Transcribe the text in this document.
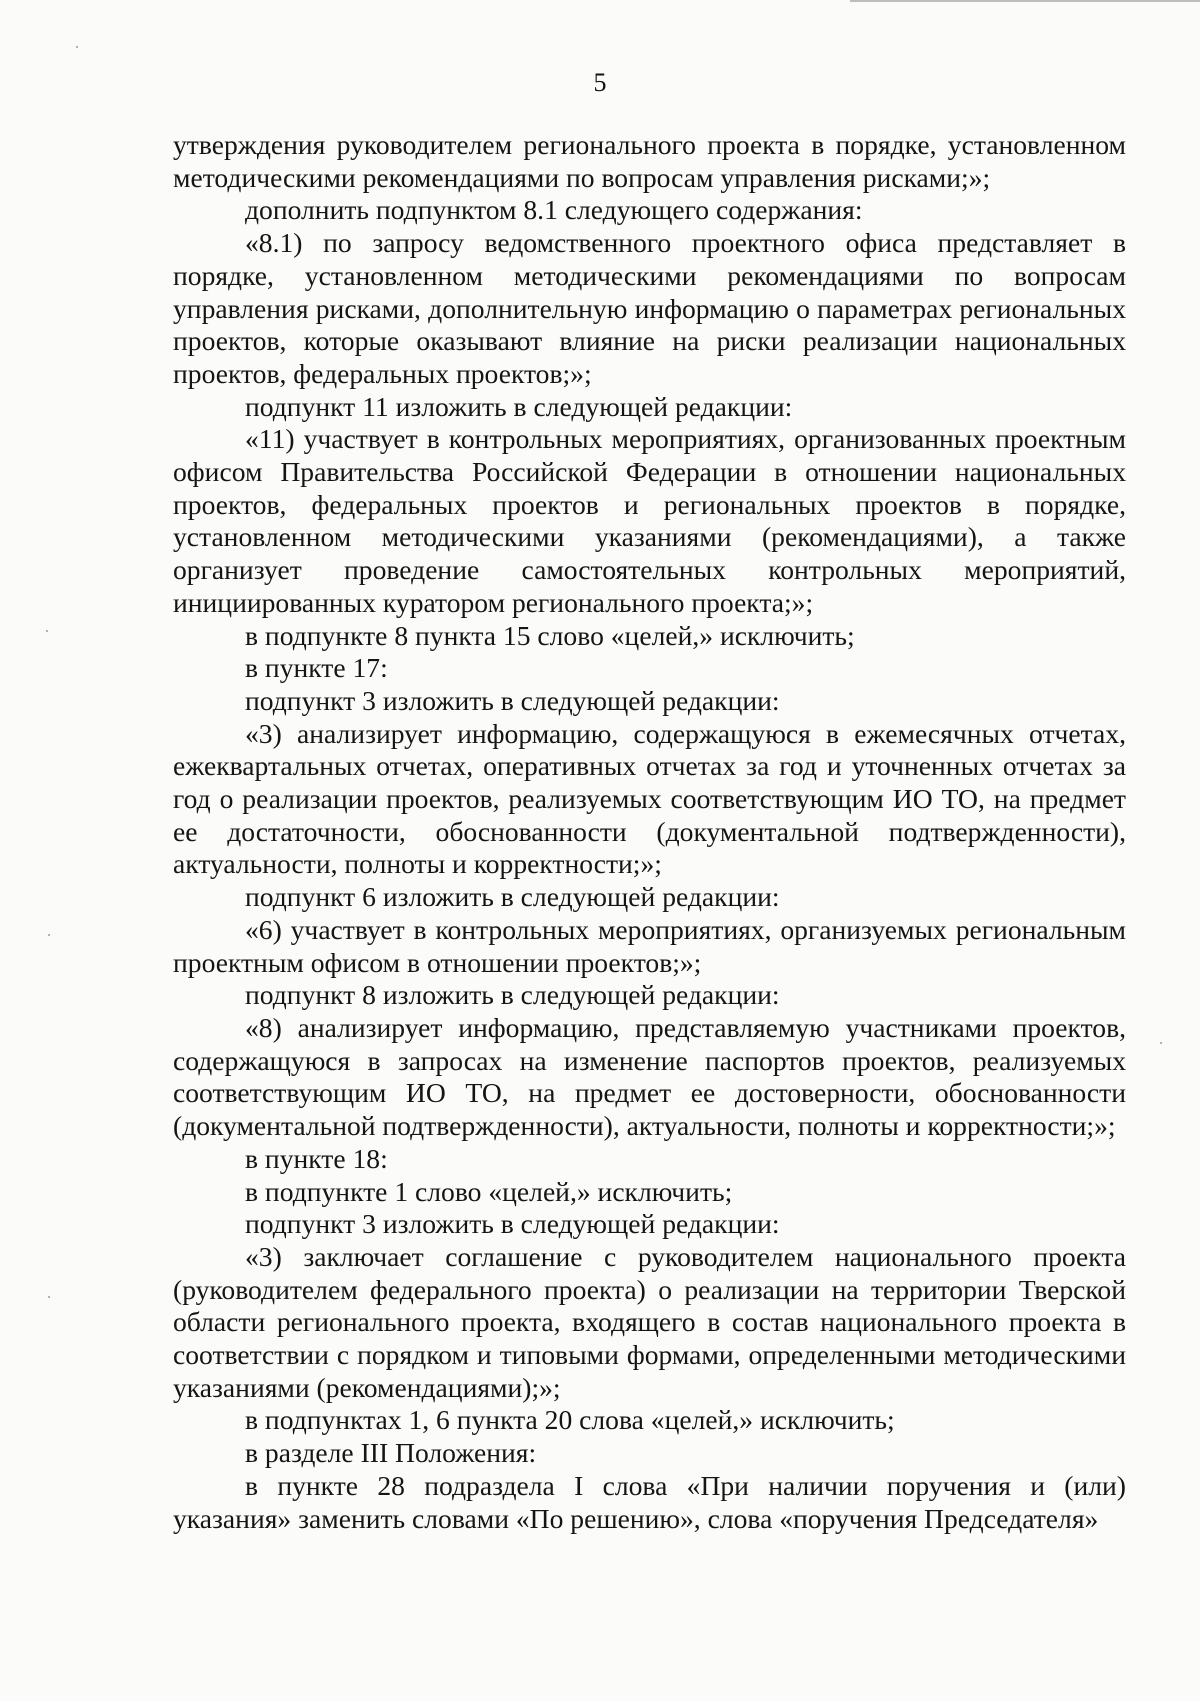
5

утверждения руководителем регионального проекта в порядке, установленном методическими рекомендациями по вопросам управления рисками;»;

дополнить подпунктом 8.1 следующего содержания:

«8.1) по запросу ведомственного проектного офиса представляет в порядке, установленном методическими рекомендациями по вопросам управления рисками, дополнительную информацию о параметрах региональных проектов, которые оказывают влияние на риски реализации национальных проектов, федеральных проектов;»;

подпункт 11 изложить в следующей редакции:

«11) участвует в контрольных мероприятиях, организованных проектным офисом Правительства Российской Федерации в отношении национальных проектов, федеральных проектов и региональных проектов в порядке, установленном методическими указаниями (рекомендациями), а также организует проведение самостоятельных контрольных мероприятий, инициированных куратором регионального проекта;»;

в подпункте 8 пункта 15 слово «целей,» исключить;

в пункте 17:

подпункт 3 изложить в следующей редакции:

«3) анализирует информацию, содержащуюся в ежемесячных отчетах, ежеквартальных отчетах, оперативных отчетах за год и уточненных отчетах за год о реализации проектов, реализуемых соответствующим ИО ТО, на предмет ее достаточности, обоснованности (документальной подтвержденности), актуальности, полноты и корректности;»;

подпункт 6 изложить в следующей редакции:

«6) участвует в контрольных мероприятиях, организуемых региональным проектным офисом в отношении проектов;»;

подпункт 8 изложить в следующей редакции:

«8) анализирует информацию, представляемую участниками проектов, содержащуюся в запросах на изменение паспортов проектов, реализуемых соответствующим ИО ТО, на предмет ее достоверности, обоснованности (документальной подтвержденности), актуальности, полноты и корректности;»;

в пункте 18:

в подпункте 1 слово «целей,» исключить;

подпункт 3 изложить в следующей редакции:

«3) заключает соглашение с руководителем национального проекта (руководителем федерального проекта) о реализации на территории Тверской области регионального проекта, входящего в состав национального проекта в соответствии с порядком и типовыми формами, определенными методическими указаниями (рекомендациями);»;

в подпунктах 1, 6 пункта 20 слова «целей,» исключить;

в разделе III Положения:

в пункте 28 подраздела I слова «При наличии поручения и (или) указания» заменить словами «По решению», слова «поручения Председателя»
